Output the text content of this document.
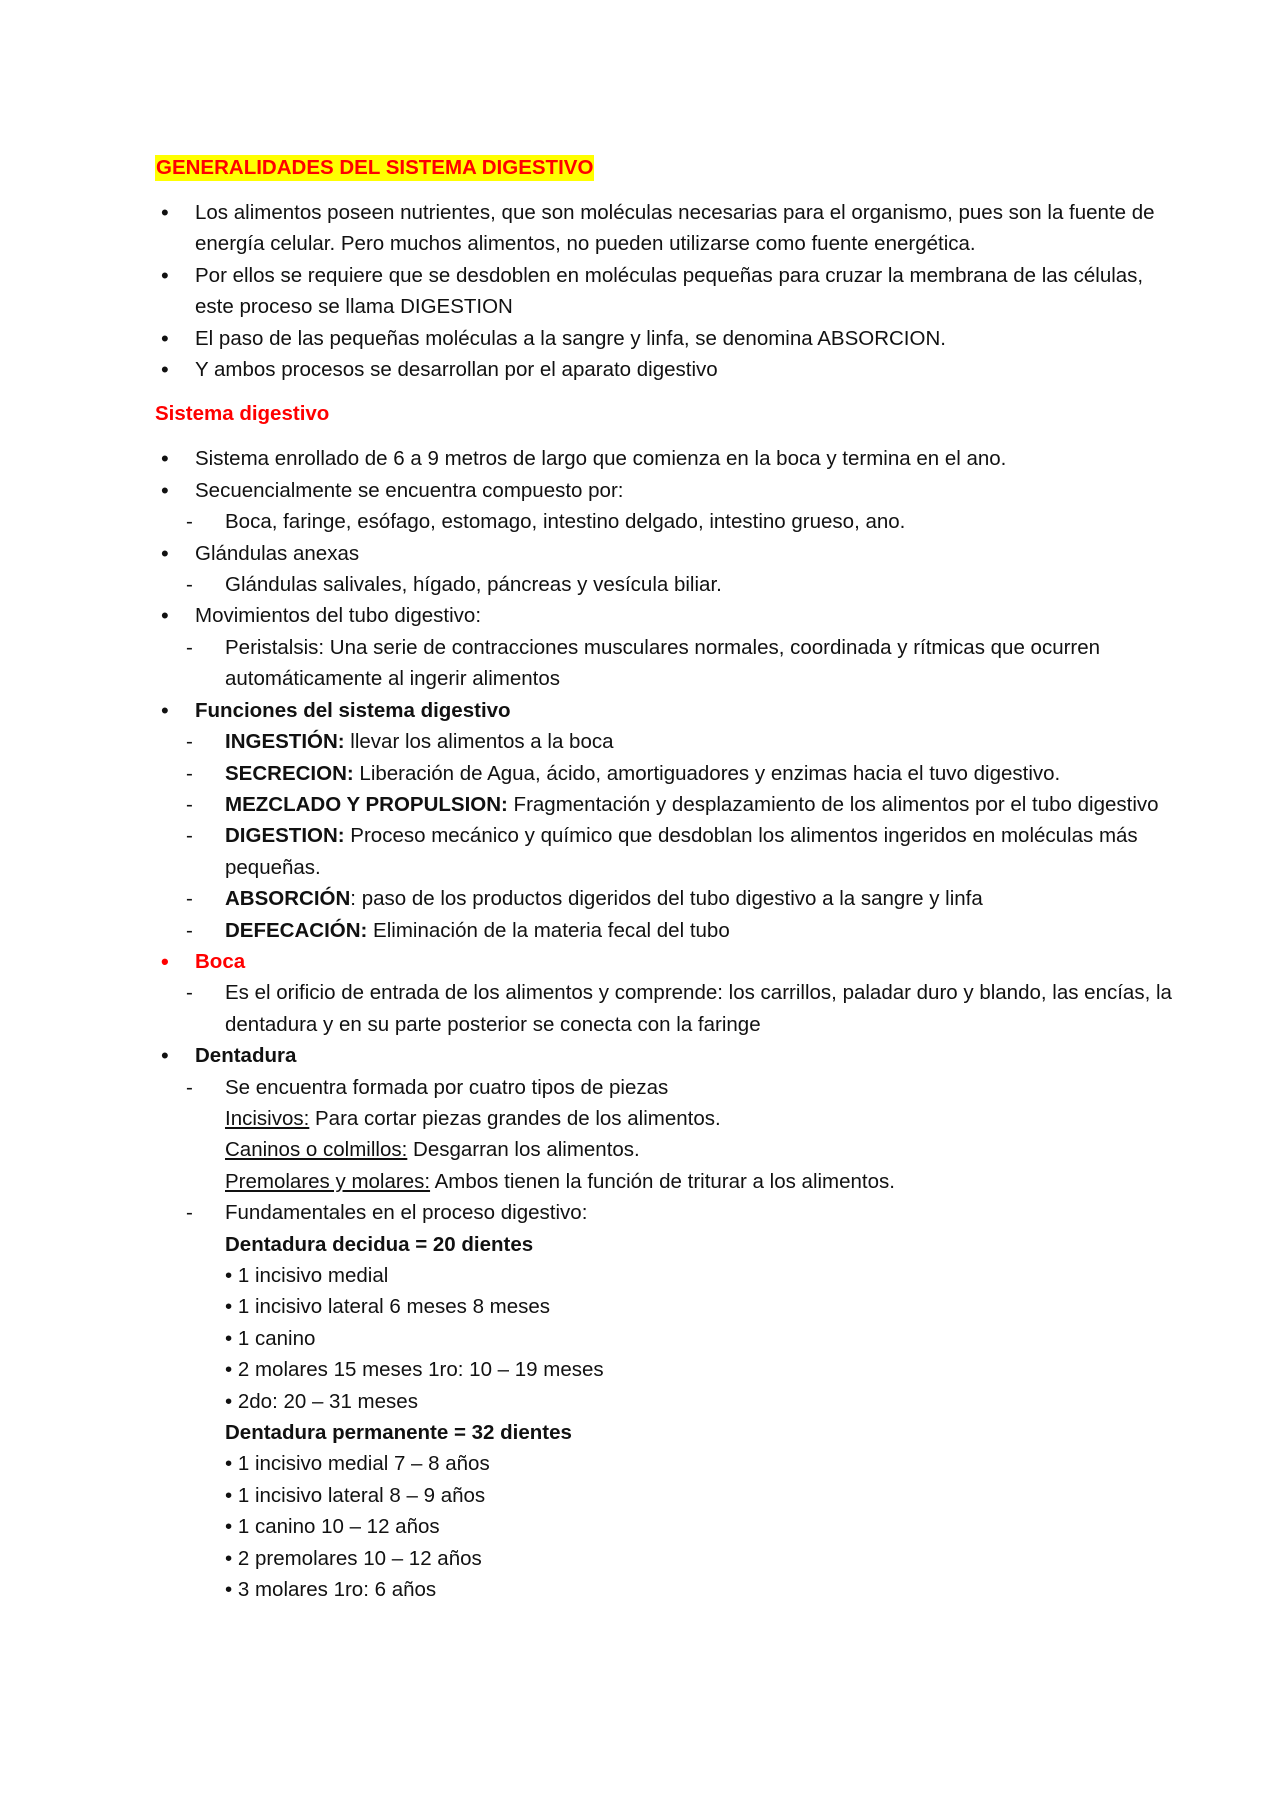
GENERALIDADES DEL SISTEMA DIGESTIVO
• Los alimentos poseen nutrientes, que son moléculas necesarias para el organismo, pues son la fuente de energía celular. Pero muchos alimentos, no pueden utilizarse como fuente energética.
• Por ellos se requiere que se desdoblen en moléculas pequeñas para cruzar la membrana de las células, este proceso se llama DIGESTION
• El paso de las pequeñas moléculas a la sangre y linfa, se denomina ABSORCION.
• Y ambos procesos se desarrollan por el aparato digestivo
Sistema digestivo
• Sistema enrollado de 6 a 9 metros de largo que comienza en la boca y termina en el ano.
• Secuencialmente se encuentra compuesto por:
- Boca, faringe, esófago, estomago, intestino delgado, intestino grueso, ano.
• Glándulas anexas
- Glándulas salivales, hígado, páncreas y vesícula biliar.
• Movimientos del tubo digestivo:
- Peristalsis: Una serie de contracciones musculares normales, coordinada y rítmicas que ocurren automáticamente al ingerir alimentos
• Funciones del sistema digestivo
- INGESTIÓN: llevar los alimentos a la boca
- SECRECION: Liberación de Agua, ácido, amortiguadores y enzimas hacia el tuvo digestivo.
- MEZCLADO Y PROPULSION: Fragmentación y desplazamiento de los alimentos por el tubo digestivo
- DIGESTION: Proceso mecánico y químico que desdoblan los alimentos ingeridos en moléculas más pequeñas.
- ABSORCIÓN: paso de los productos digeridos del tubo digestivo a la sangre y linfa
- DEFECACIÓN: Eliminación de la materia fecal del tubo
• Boca
- Es el orificio de entrada de los alimentos y comprende: los carrillos, paladar duro y blando, las encías, la dentadura y en su parte posterior se conecta con la faringe
• Dentadura
- Se encuentra formada por cuatro tipos de piezas
Incisivos: Para cortar piezas grandes de los alimentos.
Caninos o colmillos: Desgarran los alimentos.
Premolares y molares: Ambos tienen la función de triturar a los alimentos.
- Fundamentales en el proceso digestivo:
Dentadura decidua = 20 dientes
• 1 incisivo medial
• 1 incisivo lateral 6 meses 8 meses
• 1 canino
• 2 molares 15 meses 1ro: 10 – 19 meses
• 2do: 20 – 31 meses
Dentadura permanente = 32 dientes
• 1 incisivo medial 7 – 8 años
• 1 incisivo lateral 8 – 9 años
• 1 canino 10 – 12 años
• 2 premolares 10 – 12 años
• 3 molares 1ro: 6 años
